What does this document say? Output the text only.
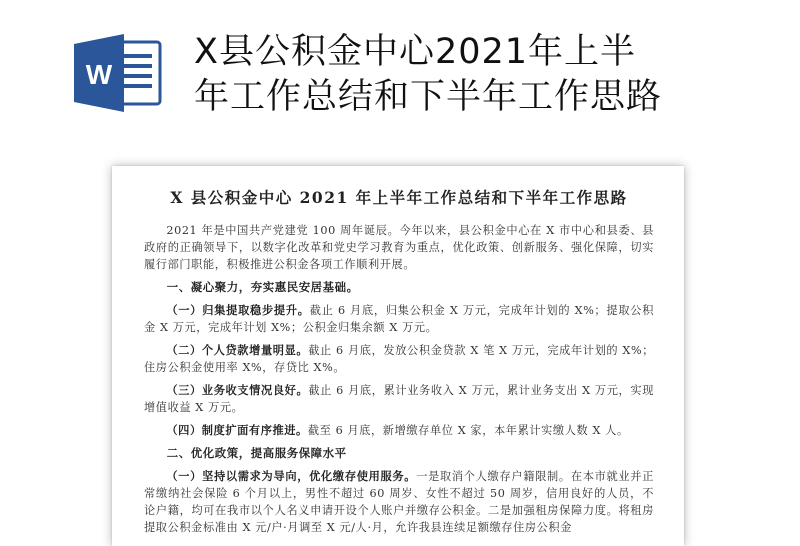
W
X县公积金中心2021年上半
年工作总结和下半年工作思路
X 县公积金中心 2021 年上半年工作总结和下半年工作思路

2021 年是中国共产党建党 100 周年诞辰。今年以来，县公积金中心在 X 市中心和县委、县政府的正确领导下，以数字化改革和党史学习教育为重点，优化政策、创新服务、强化保障，切实履行部门职能，积极推进公积金各项工作顺利开展。

一、凝心聚力，夯实惠民安居基础。

（一）归集提取稳步提升。截止 6 月底，归集公积金 X 万元，完成年计划的 X%；提取公积金 X 万元，完成年计划 X%；公积金归集余额 X 万元。

（二）个人贷款增量明显。截止 6 月底，发放公积金贷款 X 笔 X 万元，完成年计划的 X%；住房公积金使用率 X%，存贷比 X%。

（三）业务收支情况良好。截止 6 月底，累计业务收入 X 万元，累计业务支出 X 万元，实现增值收益 X 万元。

（四）制度扩面有序推进。截至 6 月底，新增缴存单位 X 家，本年累计实缴人数 X 人。

二、优化政策，提高服务保障水平

（一）坚持以需求为导向，优化缴存使用服务。一是取消个人缴存户籍限制。在本市就业并正常缴纳社会保险 6 个月以上，男性不超过 60 周岁、女性不超过 50 周岁，信用良好的人员，不论户籍，均可在我市以个人名义申请开设个人账户并缴存公积金。二是加强租房保障力度。将租房提取公积金标准由 X 元/户·月调至 X 元/人·月，允许我县连续足额缴存住房公积金
